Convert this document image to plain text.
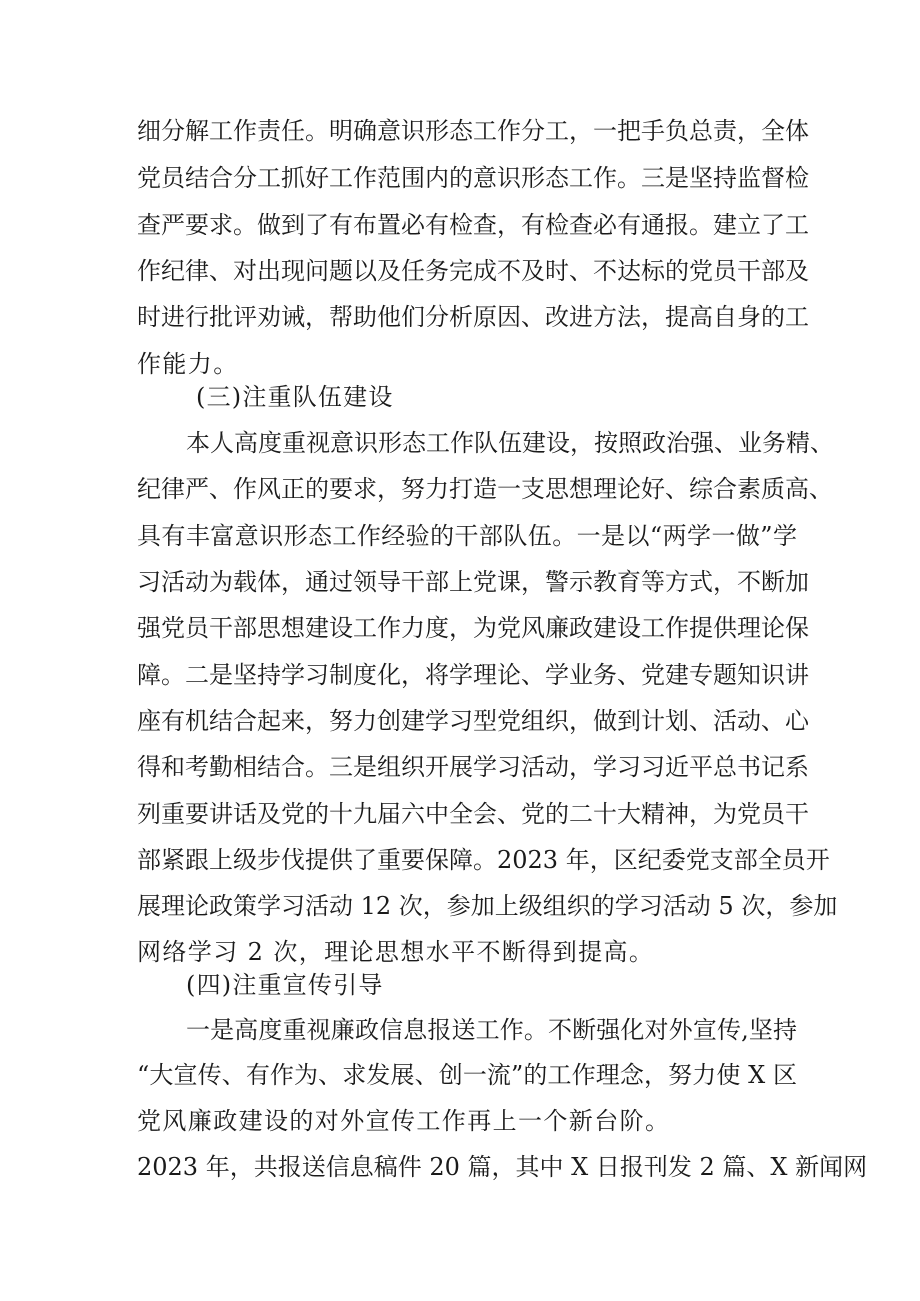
细分解工作责任。明确意识形态工作分工，一把手负总责，全体
党员结合分工抓好工作范围内的意识形态工作。三是坚持监督检
查严要求。做到了有布置必有检查，有检查必有通报。建立了工
作纪律、对出现问题以及任务完成不及时、不达标的党员干部及
时进行批评劝诫，帮助他们分析原因、改进方法，提高自身的工
作能力。
(三)注重队伍建设
本人高度重视意识形态工作队伍建设，按照政治强、业务精、
纪律严、作风正的要求，努力打造一支思想理论好、综合素质高、
具有丰富意识形态工作经验的干部队伍。一是以“两学一做”学
习活动为载体，通过领导干部上党课，警示教育等方式，不断加
强党员干部思想建设工作力度，为党风廉政建设工作提供理论保
障。二是坚持学习制度化，将学理论、学业务、党建专题知识讲
座有机结合起来，努力创建学习型党组织，做到计划、活动、心
得和考勤相结合。三是组织开展学习活动，学习习近平总书记系
列重要讲话及党的十九届六中全会、党的二十大精神，为党员干
部紧跟上级步伐提供了重要保障。2023 年，区纪委党支部全员开
展理论政策学习活动 12 次，参加上级组织的学习活动 5 次，参加
网络学习 2 次，理论思想水平不断得到提高。
(四)注重宣传引导
一是高度重视廉政信息报送工作。不断强化对外宣传,坚持
“大宣传、有作为、求发展、创一流”的工作理念，努力使 X 区
党风廉政建设的对外宣传工作再上一个新台阶。
2023 年，共报送信息稿件 20 篇，其中 X 日报刊发 2 篇、X 新闻网
